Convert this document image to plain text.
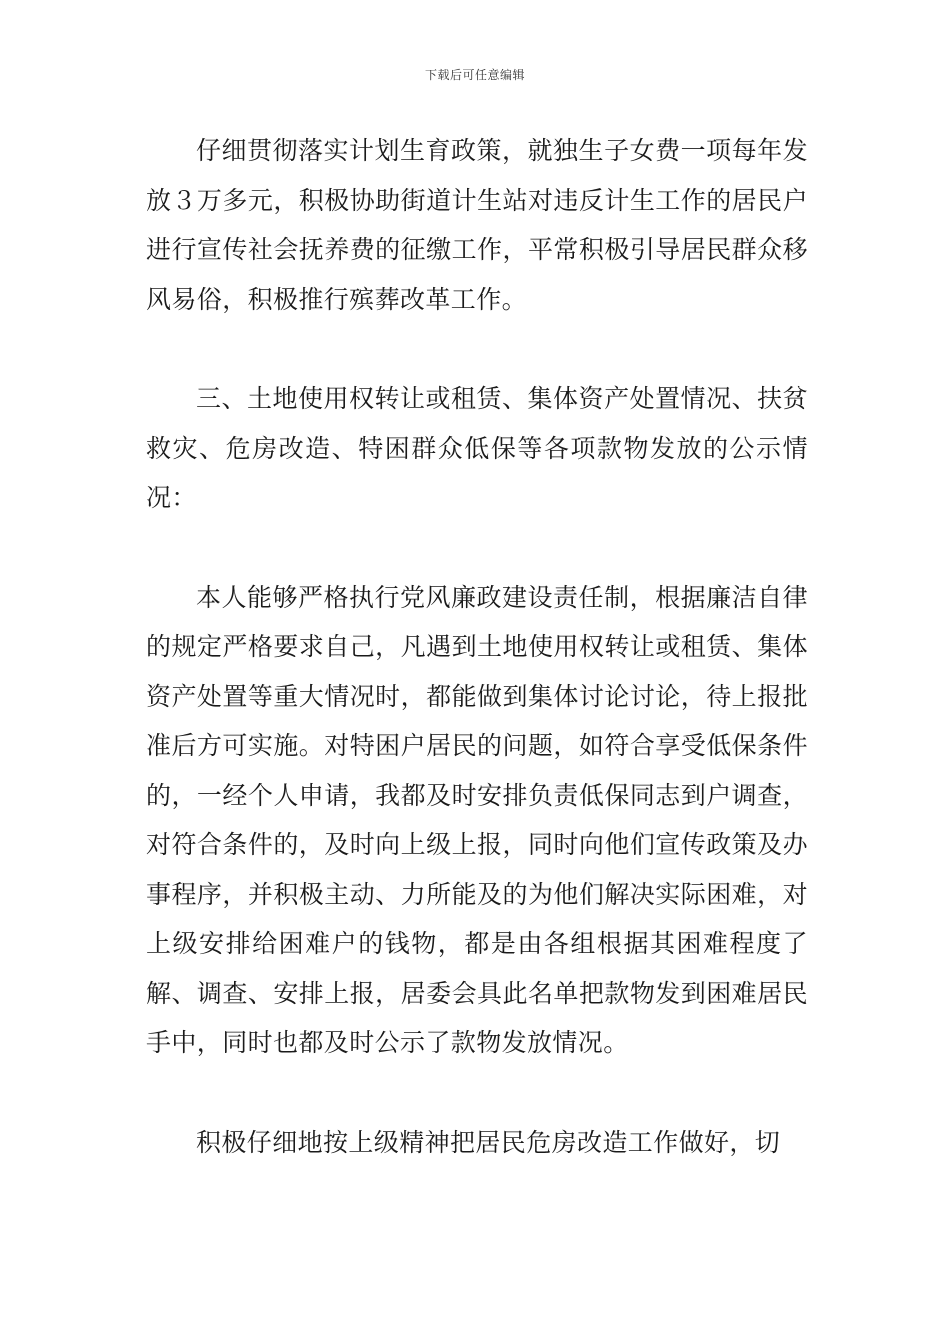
下载后可任意编辑

仔细贯彻落实计划生育政策，就独生子女费一项每年发放３万多元，积极协助街道计生站对违反计生工作的居民户进行宣传社会抚养费的征缴工作，平常积极引导居民群众移风易俗，积极推行殡葬改革工作。

三、土地使用权转让或租赁、集体资产处置情况、扶贫救灾、危房改造、特困群众低保等各项款物发放的公示情况：

本人能够严格执行党风廉政建设责任制，根据廉洁自律的规定严格要求自己，凡遇到土地使用权转让或租赁、集体资产处置等重大情况时，都能做到集体讨论讨论，待上报批准后方可实施。对特困户居民的问题，如符合享受低保条件的，一经个人申请，我都及时安排负责低保同志到户调查，对符合条件的，及时向上级上报，同时向他们宣传政策及办事程序，并积极主动、力所能及的为他们解决实际困难，对上级安排给困难户的钱物，都是由各组根据其困难程度了解、调查、安排上报，居委会具此名单把款物发到困难居民手中，同时也都及时公示了款物发放情况。

积极仔细地按上级精神把居民危房改造工作做好，切
